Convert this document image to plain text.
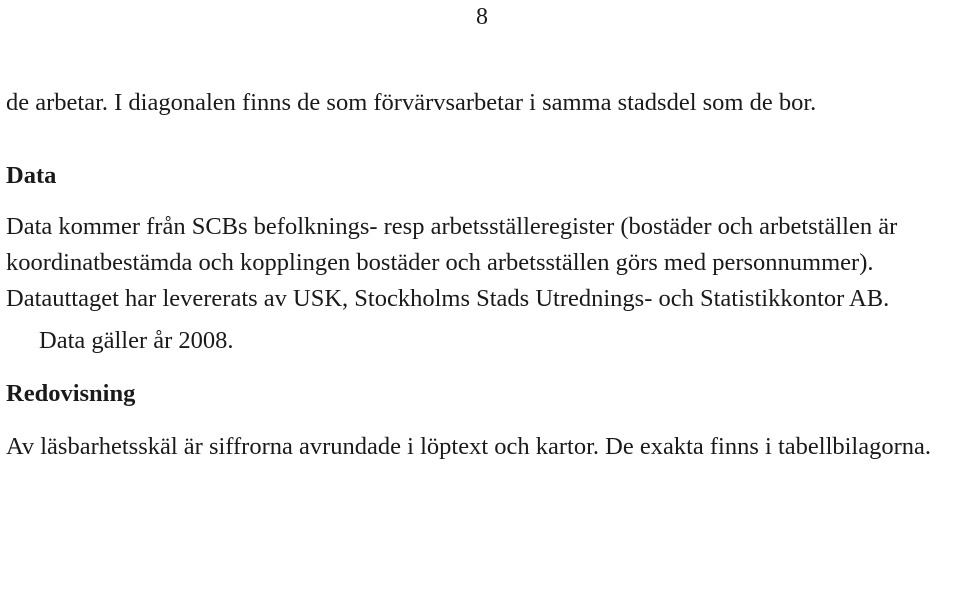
8

de arbetar. I diagonalen finns de som förvärvsarbetar i samma stadsdel som de bor.

Data

Data kommer från SCBs befolknings- resp arbetsställeregister (bostäder och arbetställen är koordinatbestämda och kopplingen bostäder och arbetsställen görs med personnummer). Datauttaget har levererats av USK, Stockholms Stads Utrednings- och Statistikkontor AB.

Data gäller år 2008.

Redovisning

Av läsbarhetsskäl är siffrorna avrundade i löptext och kartor. De exakta finns i tabellbilagorna.
